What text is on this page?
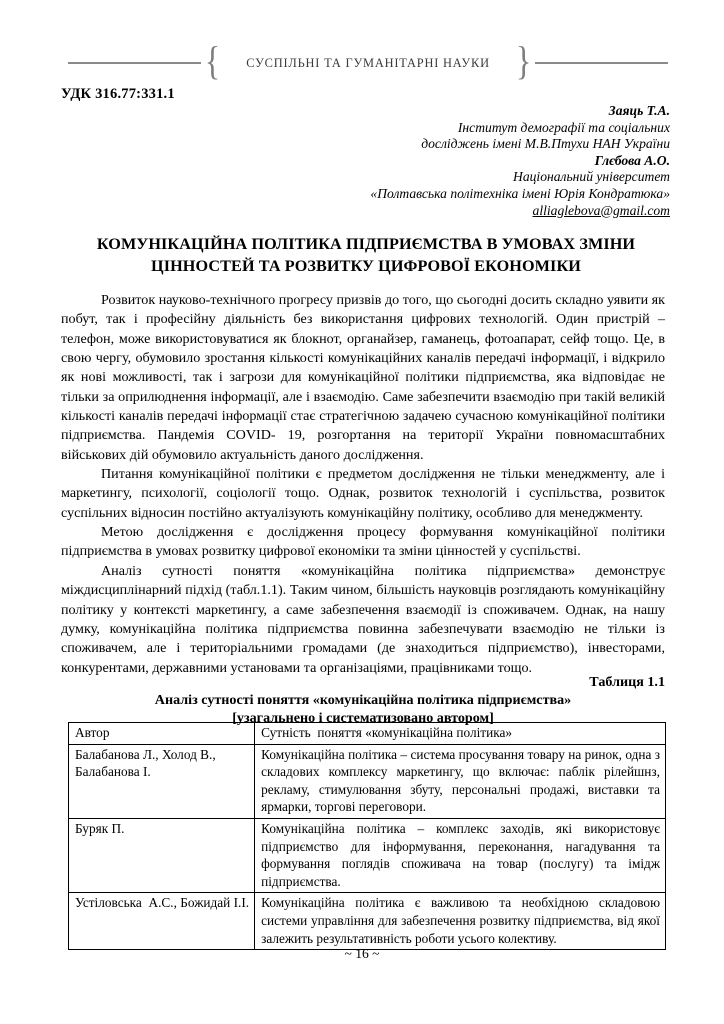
{	СУСПІЛЬНІ ТА ГУМАНІТАРНІ НАУКИ }
УДК 316.77:331.1
Заяць Т.А.
Інститут демографії та соціальних
досліджень імені М.В.Птухи НАН України
Глєбова А.О.
Національний університет
«Полтавська політехніка імені Юрія Кондратюка»
alliaglebova@gmail.com
КОМУНІКАЦІЙНА ПОЛІТИКА ПІДПРИЄМСТВА В УМОВАХ ЗМІНИ ЦІННОСТЕЙ ТА РОЗВИТКУ ЦИФРОВОЇ ЕКОНОМІКИ

Розвиток науково-технічного прогресу призвів до того, що сьогодні досить складно уявити як побут, так і професійну діяльність без використання цифрових технологій. Один пристрій – телефон, може використовуватися як блокнот, органайзер, гаманець, фотоапарат, сейф тощо. Це, в свою чергу, обумовило зростання кількості комунікаційних каналів передачі інформації, і відкрило як нові можливості, так і загрози для комунікаційної політики підприємства, яка відповідає не тільки за оприлюднення інформації, але і взаємодію. Саме забезпечити взаємодію при такій великій кількості каналів передачі інформації стає стратегічною задачею сучасною комунікаційної політики підприємства. Пандемія COVID- 19, розгортання на території України повномасштабних військових дій обумовило актуальність даного дослідження.

Питання комунікаційної політики є предметом дослідження не тільки менеджменту, але і маркетингу, психології, соціології тощо. Однак, розвиток технологій і суспільства, розвиток суспільних відносин постійно актуалізують комунікаційну політику, особливо для менеджменту.

Метою дослідження є дослідження процесу формування комунікаційної політики підприємства в умовах розвитку цифрової економіки та зміни цінностей у суспільстві.

Аналіз сутності поняття «комунікаційна політика підприємства» демонструє міждисциплінарний підхід (табл.1.1). Таким чином, більшість науковців розглядають комунікаційну політику у контексті маркетингу, а саме забезпечення взаємодії із споживачем. Однак, на нашу думку, комунікаційна політика підприємства повинна забезпечувати взаємодію не тільки із споживачем, але і територіальними громадами (де знаходиться підприємство), інвесторами, конкурентами, державними установами та організаціями, працівниками тощо.

Таблиця 1.1
Аналіз сутності поняття «комунікаційна політика підприємства»
[узагальнено і систематизовано автором]
Автор	Сутність  поняття «комунікаційна політика»
Балабанова Л., Холод В., Балабанова І.	Комунікаційна політика – система просування товару на ринок, одна з складових комплексу маркетингу, що включає: паблік рілейшнз, рекламу, стимулювання збуту, персональні продажі, виставки та ярмарки, торгові переговори.
Буряк П.	Комунікаційна політика – комплекс заходів, які використовує підприємство для інформування, переконання, нагадування та формування поглядів споживача на товар (послугу) та імідж підприємства.
Устіловська  А.С., Божидай І.І.	Комунікаційна політика є важливою та необхідною складовою системи управління для забезпечення розвитку підприємства, від якої залежить результативність роботи усього колективу.
~ 16 ~
